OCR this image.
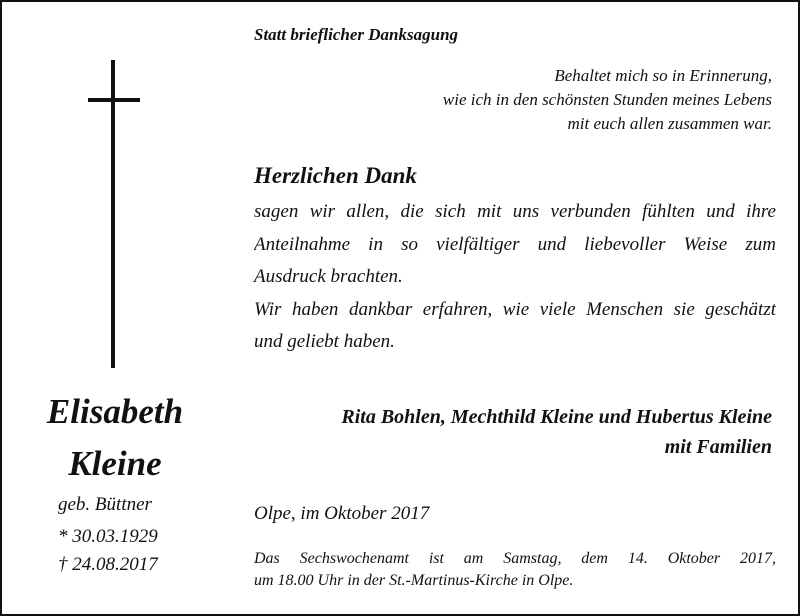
Elisabeth
Kleine
geb. Büttner
* 30.03.1929
† 24.08.2017
Statt brieflicher Danksagung
Behaltet mich so in Erinnerung,
wie ich in den schönsten Stunden meines Lebens
mit euch allen zusammen war.
Herzlichen Dank
sagen wir allen, die sich mit uns verbunden fühlten und ihre
Anteilnahme in so vielfältiger und liebevoller Weise zum
Ausdruck brachten.
Wir haben dankbar erfahren, wie viele Menschen sie geschätzt
und geliebt haben.
Rita Bohlen, Mechthild Kleine und Hubertus Kleine
mit Familien
Olpe, im Oktober 2017
Das Sechswochenamt ist am Samstag, dem 14. Oktober 2017,
um 18.00 Uhr in der St.-Martinus-Kirche in Olpe.
